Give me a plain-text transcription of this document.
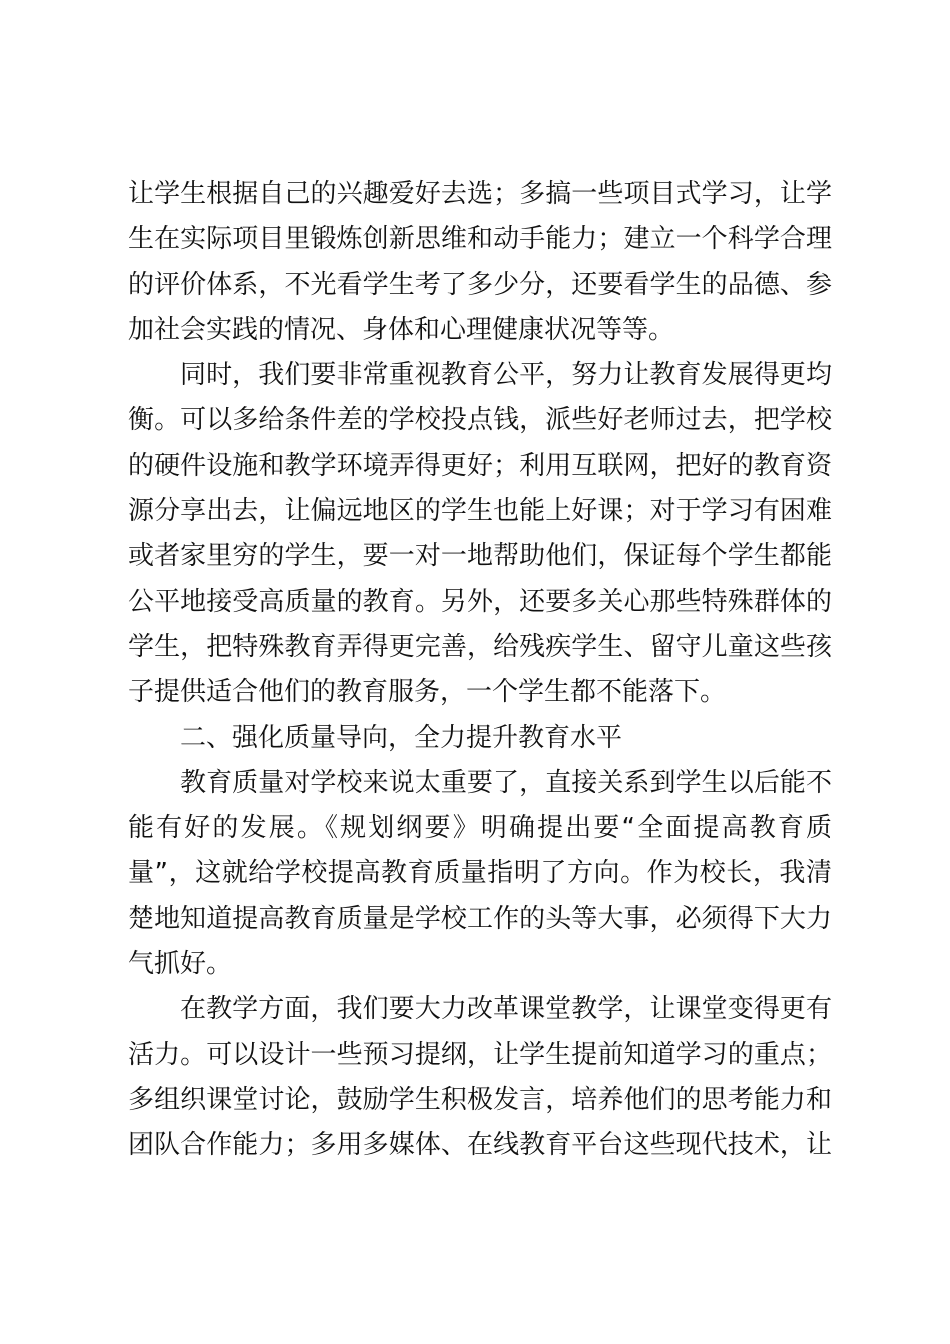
让学生根据自己的兴趣爱好去选；多搞一些项目式学习，让学
生在实际项目里锻炼创新思维和动手能力；建立一个科学合理
的评价体系，不光看学生考了多少分，还要看学生的品德、参
加社会实践的情况、身体和心理健康状况等等。
同时，我们要非常重视教育公平，努力让教育发展得更均
衡。可以多给条件差的学校投点钱，派些好老师过去，把学校
的硬件设施和教学环境弄得更好；利用互联网，把好的教育资
源分享出去，让偏远地区的学生也能上好课；对于学习有困难
或者家里穷的学生，要一对一地帮助他们，保证每个学生都能
公平地接受高质量的教育。另外，还要多关心那些特殊群体的
学生，把特殊教育弄得更完善，给残疾学生、留守儿童这些孩
子提供适合他们的教育服务，一个学生都不能落下。
二、强化质量导向，全力提升教育水平
教育质量对学校来说太重要了，直接关系到学生以后能不
能有好的发展。《规划纲要》明确提出要“全面提高教育质
量”，这就给学校提高教育质量指明了方向。作为校长，我清
楚地知道提高教育质量是学校工作的头等大事，必须得下大力
气抓好。
在教学方面，我们要大力改革课堂教学，让课堂变得更有
活力。可以设计一些预习提纲，让学生提前知道学习的重点；
多组织课堂讨论，鼓励学生积极发言，培养他们的思考能力和
团队合作能力；多用多媒体、在线教育平台这些现代技术，让
